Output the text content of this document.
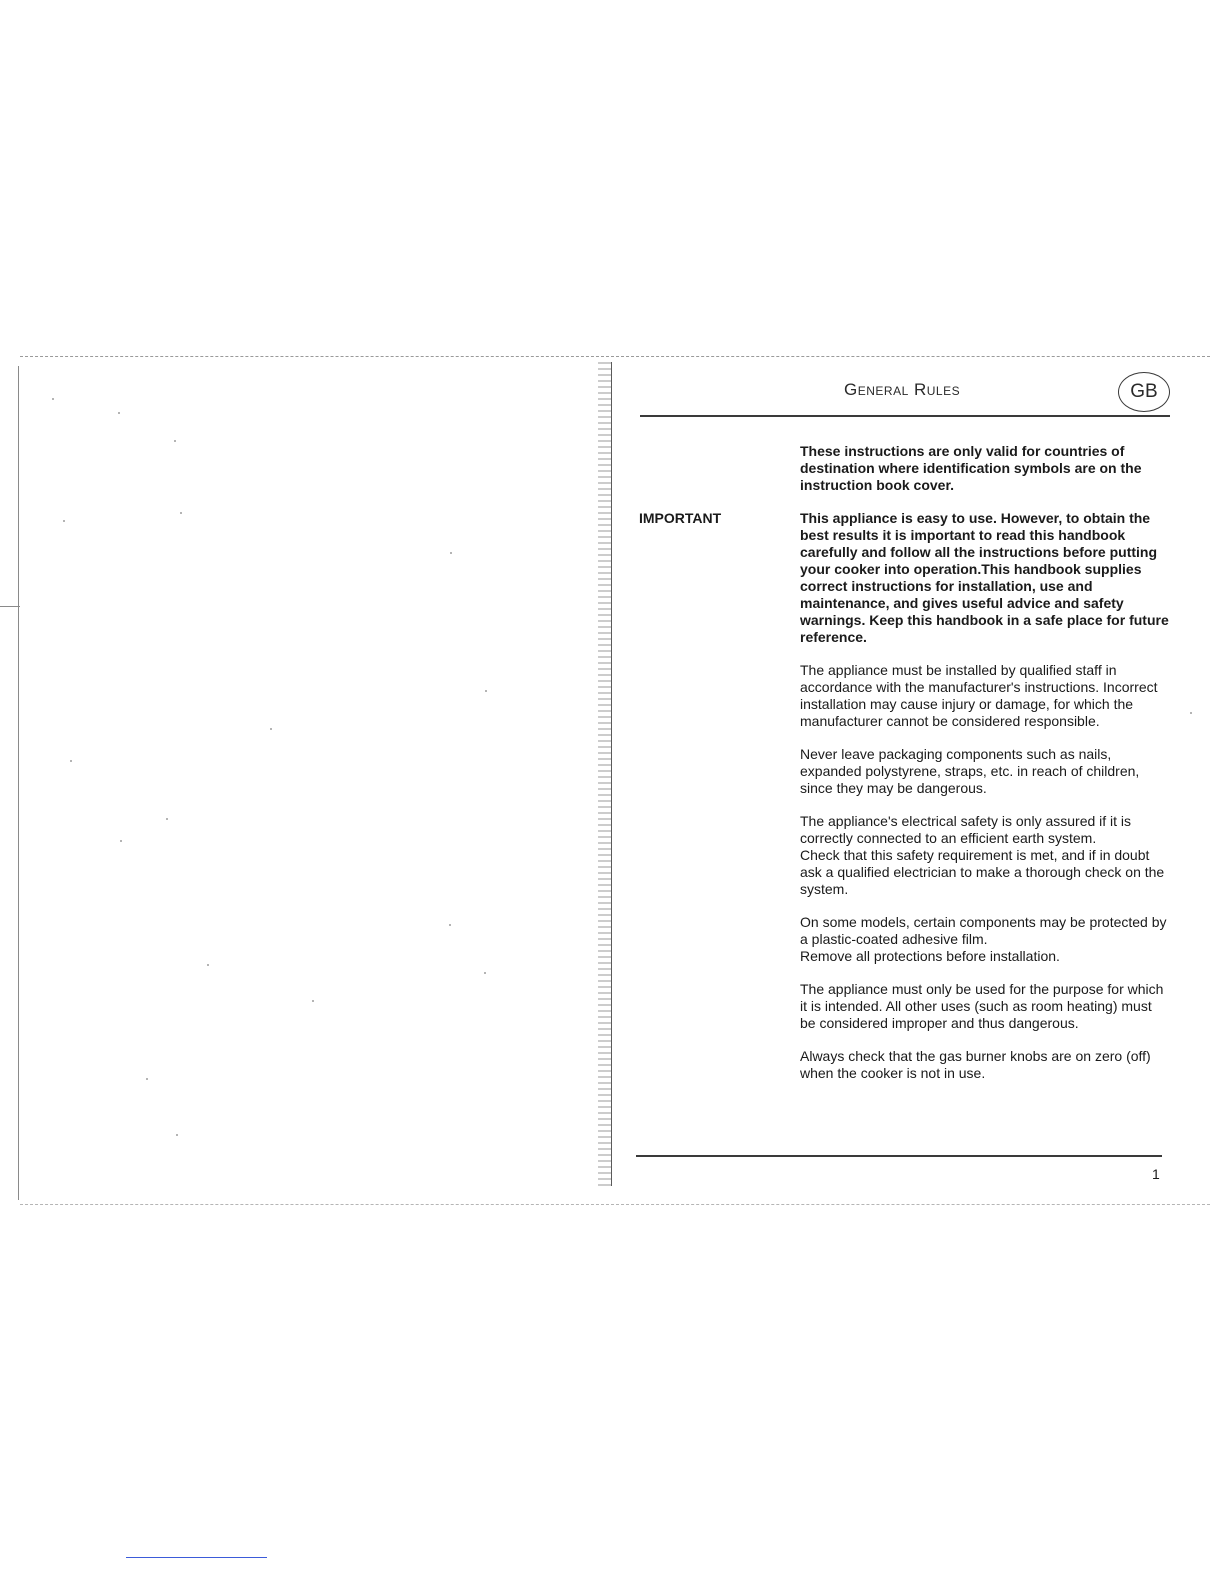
General Rules	GB
IMPORTANT

These instructions are only valid for countries of destination where identification symbols are on the instruction book cover.

This appliance is easy to use. However, to obtain the best results it is important to read this handbook carefully and follow all the instructions before putting your cooker into operation.This handbook supplies correct instructions for installation, use and maintenance, and gives useful advice and safety warnings. Keep this handbook in a safe place for future reference.

The appliance must be installed by qualified staff in accordance with the manufacturer's instructions. Incorrect installation may cause injury or damage, for which the manufacturer cannot be considered responsible.

Never leave packaging components such as nails, expanded polystyrene, straps, etc. in reach of children, since they may be dangerous.

The appliance's electrical safety is only assured if it is correctly connected to an efficient earth system.
Check that this safety requirement is met, and if in doubt ask a qualified electrician to make a thorough check on the system.

On some models, certain components may be protected by a plastic-coated adhesive film.
Remove all protections before installation.

The appliance must only be used for the purpose for which it is intended. All other uses (such as room heating) must be considered improper and thus dangerous.

Always check that the gas burner knobs are on zero (off) when the cooker is not in use.

1
